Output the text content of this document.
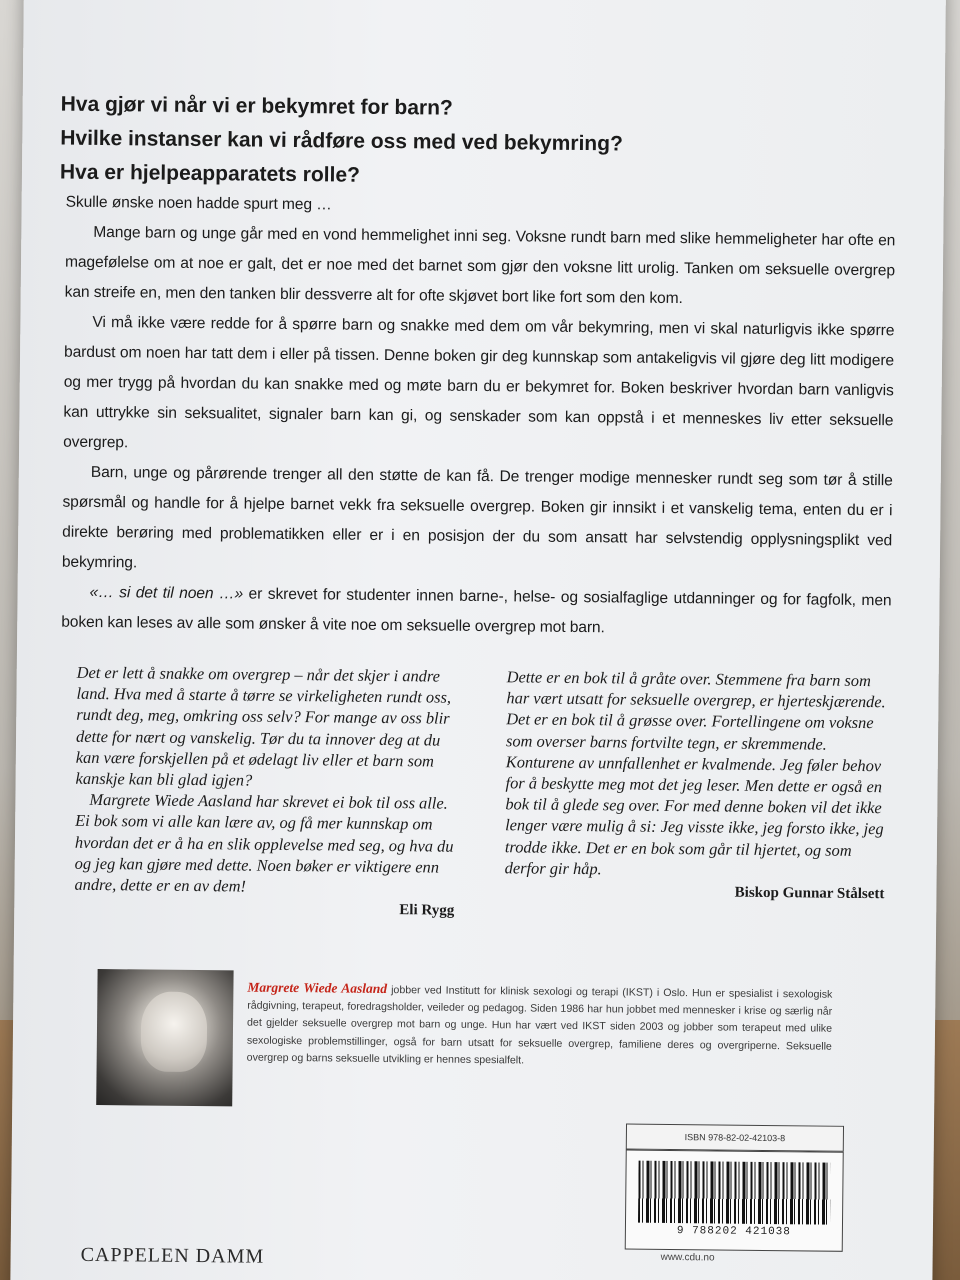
Hva gjør vi når vi er bekymret for barn?
Hvilke instanser kan vi rådføre oss med ved bekymring?
Hva er hjelpeapparatets rolle?

Skulle ønske noen hadde spurt meg …

Mange barn og unge går med en vond hemmelighet inni seg. Voksne rundt barn med slike hemmeligheter har ofte en magefølelse om at noe er galt, det er noe med det barnet som gjør den voksne litt urolig. Tanken om seksuelle overgrep kan streife en, men den tanken blir dessverre alt for ofte skjøvet bort like fort som den kom.

Vi må ikke være redde for å spørre barn og snakke med dem om vår bekymring, men vi skal naturligvis ikke spørre bardust om noen har tatt dem i eller på tissen. Denne boken gir deg kunnskap som antakeligvis vil gjøre deg litt modigere og mer trygg på hvordan du kan snakke med og møte barn du er bekymret for. Boken beskriver hvordan barn vanligvis kan uttrykke sin seksualitet, signaler barn kan gi, og senskader som kan oppstå i et menneskes liv etter seksuelle overgrep.

Barn, unge og pårørende trenger all den støtte de kan få. De trenger modige mennesker rundt seg som tør å stille spørsmål og handle for å hjelpe barnet vekk fra seksuelle overgrep. Boken gir innsikt i et vanskelig tema, enten du er i direkte berøring med problematikken eller er i en posisjon der du som ansatt har selvstendig opplysningsplikt ved bekymring.

«… si det til noen …» er skrevet for studenter innen barne-, helse- og sosialfaglige utdanninger og for fagfolk, men boken kan leses av alle som ønsker å vite noe om seksuelle overgrep mot barn.

Det er lett å snakke om overgrep – når det skjer i andre land. Hva med å starte å tørre se virkeligheten rundt oss, rundt deg, meg, omkring oss selv? For mange av oss blir dette for nært og vanskelig. Tør du ta innover deg at du kan være forskjellen på et ødelagt liv eller et barn som kanskje kan bli glad igjen?

Margrete Wiede Aasland har skrevet ei bok til oss alle. Ei bok som vi alle kan lære av, og få mer kunnskap om hvordan det er å ha en slik opplevelse med seg, og hva du og jeg kan gjøre med dette. Noen bøker er viktigere enn andre, dette er en av dem!

Eli Rygg

Dette er en bok til å gråte over. Stemmene fra barn som har vært utsatt for seksuelle overgrep, er hjerteskjærende. Det er en bok til å grøsse over. Fortellingene om voksne som overser barns fortvilte tegn, er skremmende. Konturene av unnfallenhet er kvalmende. Jeg føler behov for å beskytte meg mot det jeg leser. Men dette er også en bok til å glede seg over. For med denne boken vil det ikke lenger være mulig å si: Jeg visste ikke, jeg forsto ikke, jeg trodde ikke. Det er en bok som går til hjertet, og som derfor gir håp.

Biskop Gunnar Stålsett
Margrete Wiede Aasland jobber ved Institutt for klinisk sexologi og terapi (IKST) i Oslo. Hun er spesialist i sexologisk rådgivning, terapeut, foredragsholder, veileder og pedagog. Siden 1986 har hun jobbet med mennesker i krise og særlig når det gjelder seksuelle overgrep mot barn og unge. Hun har vært ved IKST siden 2003 og jobber som terapeut med ulike sexologiske problemstillinger, også for barn utsatt for seksuelle overgrep, familiene deres og overgriperne. Seksuelle overgrep og barns seksuelle utvikling er hennes spesialfelt.
ISBN 978-82-02-42103-8
9 788202 421038
www.cdu.no
CAPPELEN DAMM
